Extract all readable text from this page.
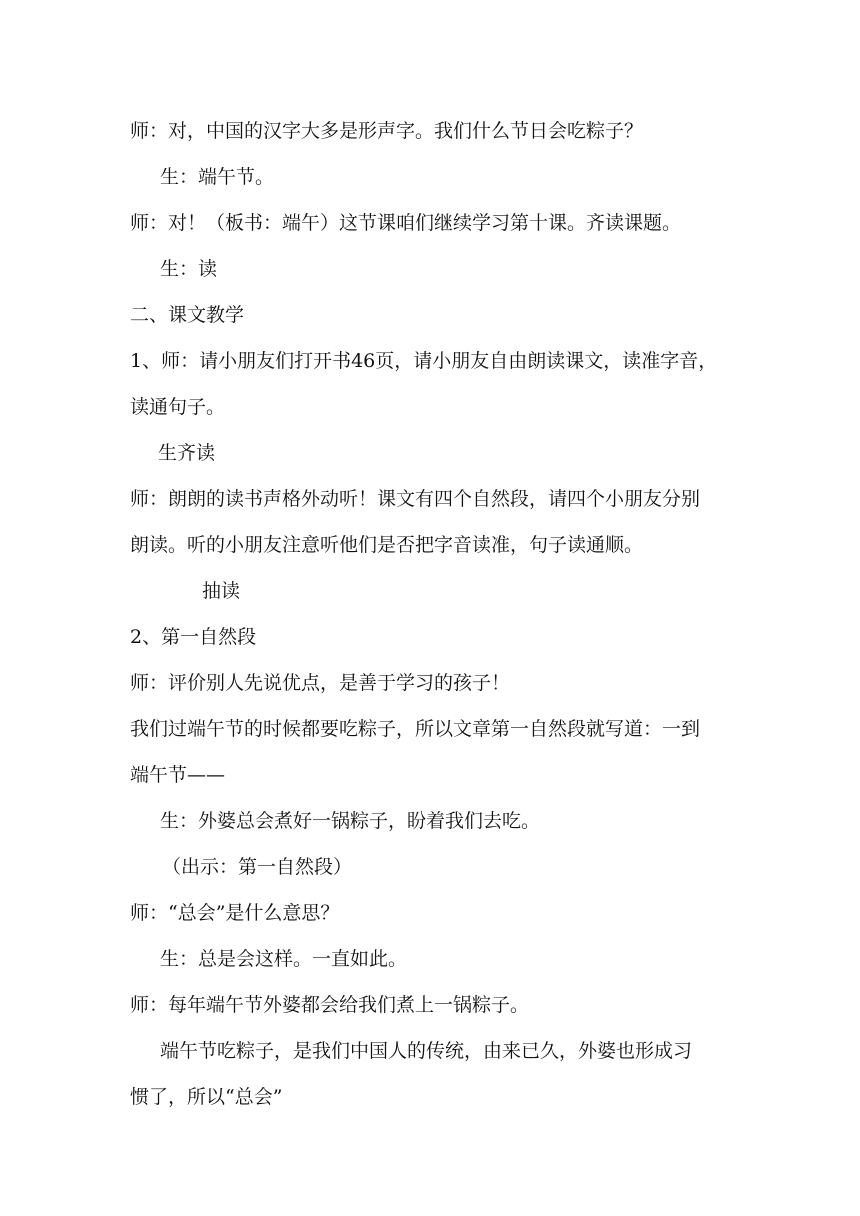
师：对，中国的汉字大多是形声字。我们什么节日会吃粽子？

生：端午节。

师：对！（板书：端午）这节课咱们继续学习第十课。齐读课题。

生：读

二、课文教学

1、师：请小朋友们打开书46页，请小朋友自由朗读课文，读准字音，

读通句子。

生齐读

师：朗朗的读书声格外动听！课文有四个自然段，请四个小朋友分别

朗读。听的小朋友注意听他们是否把字音读准，句子读通顺。

抽读

2、第一自然段

师：评价别人先说优点，是善于学习的孩子！

我们过端午节的时候都要吃粽子，所以文章第一自然段就写道：一到

端午节——

生：外婆总会煮好一锅粽子，盼着我们去吃。

（出示：第一自然段）

师：“总会”是什么意思？

生：总是会这样。一直如此。

师：每年端午节外婆都会给我们煮上一锅粽子。

端午节吃粽子，是我们中国人的传统，由来已久，外婆也形成习

惯了，所以“总会”
